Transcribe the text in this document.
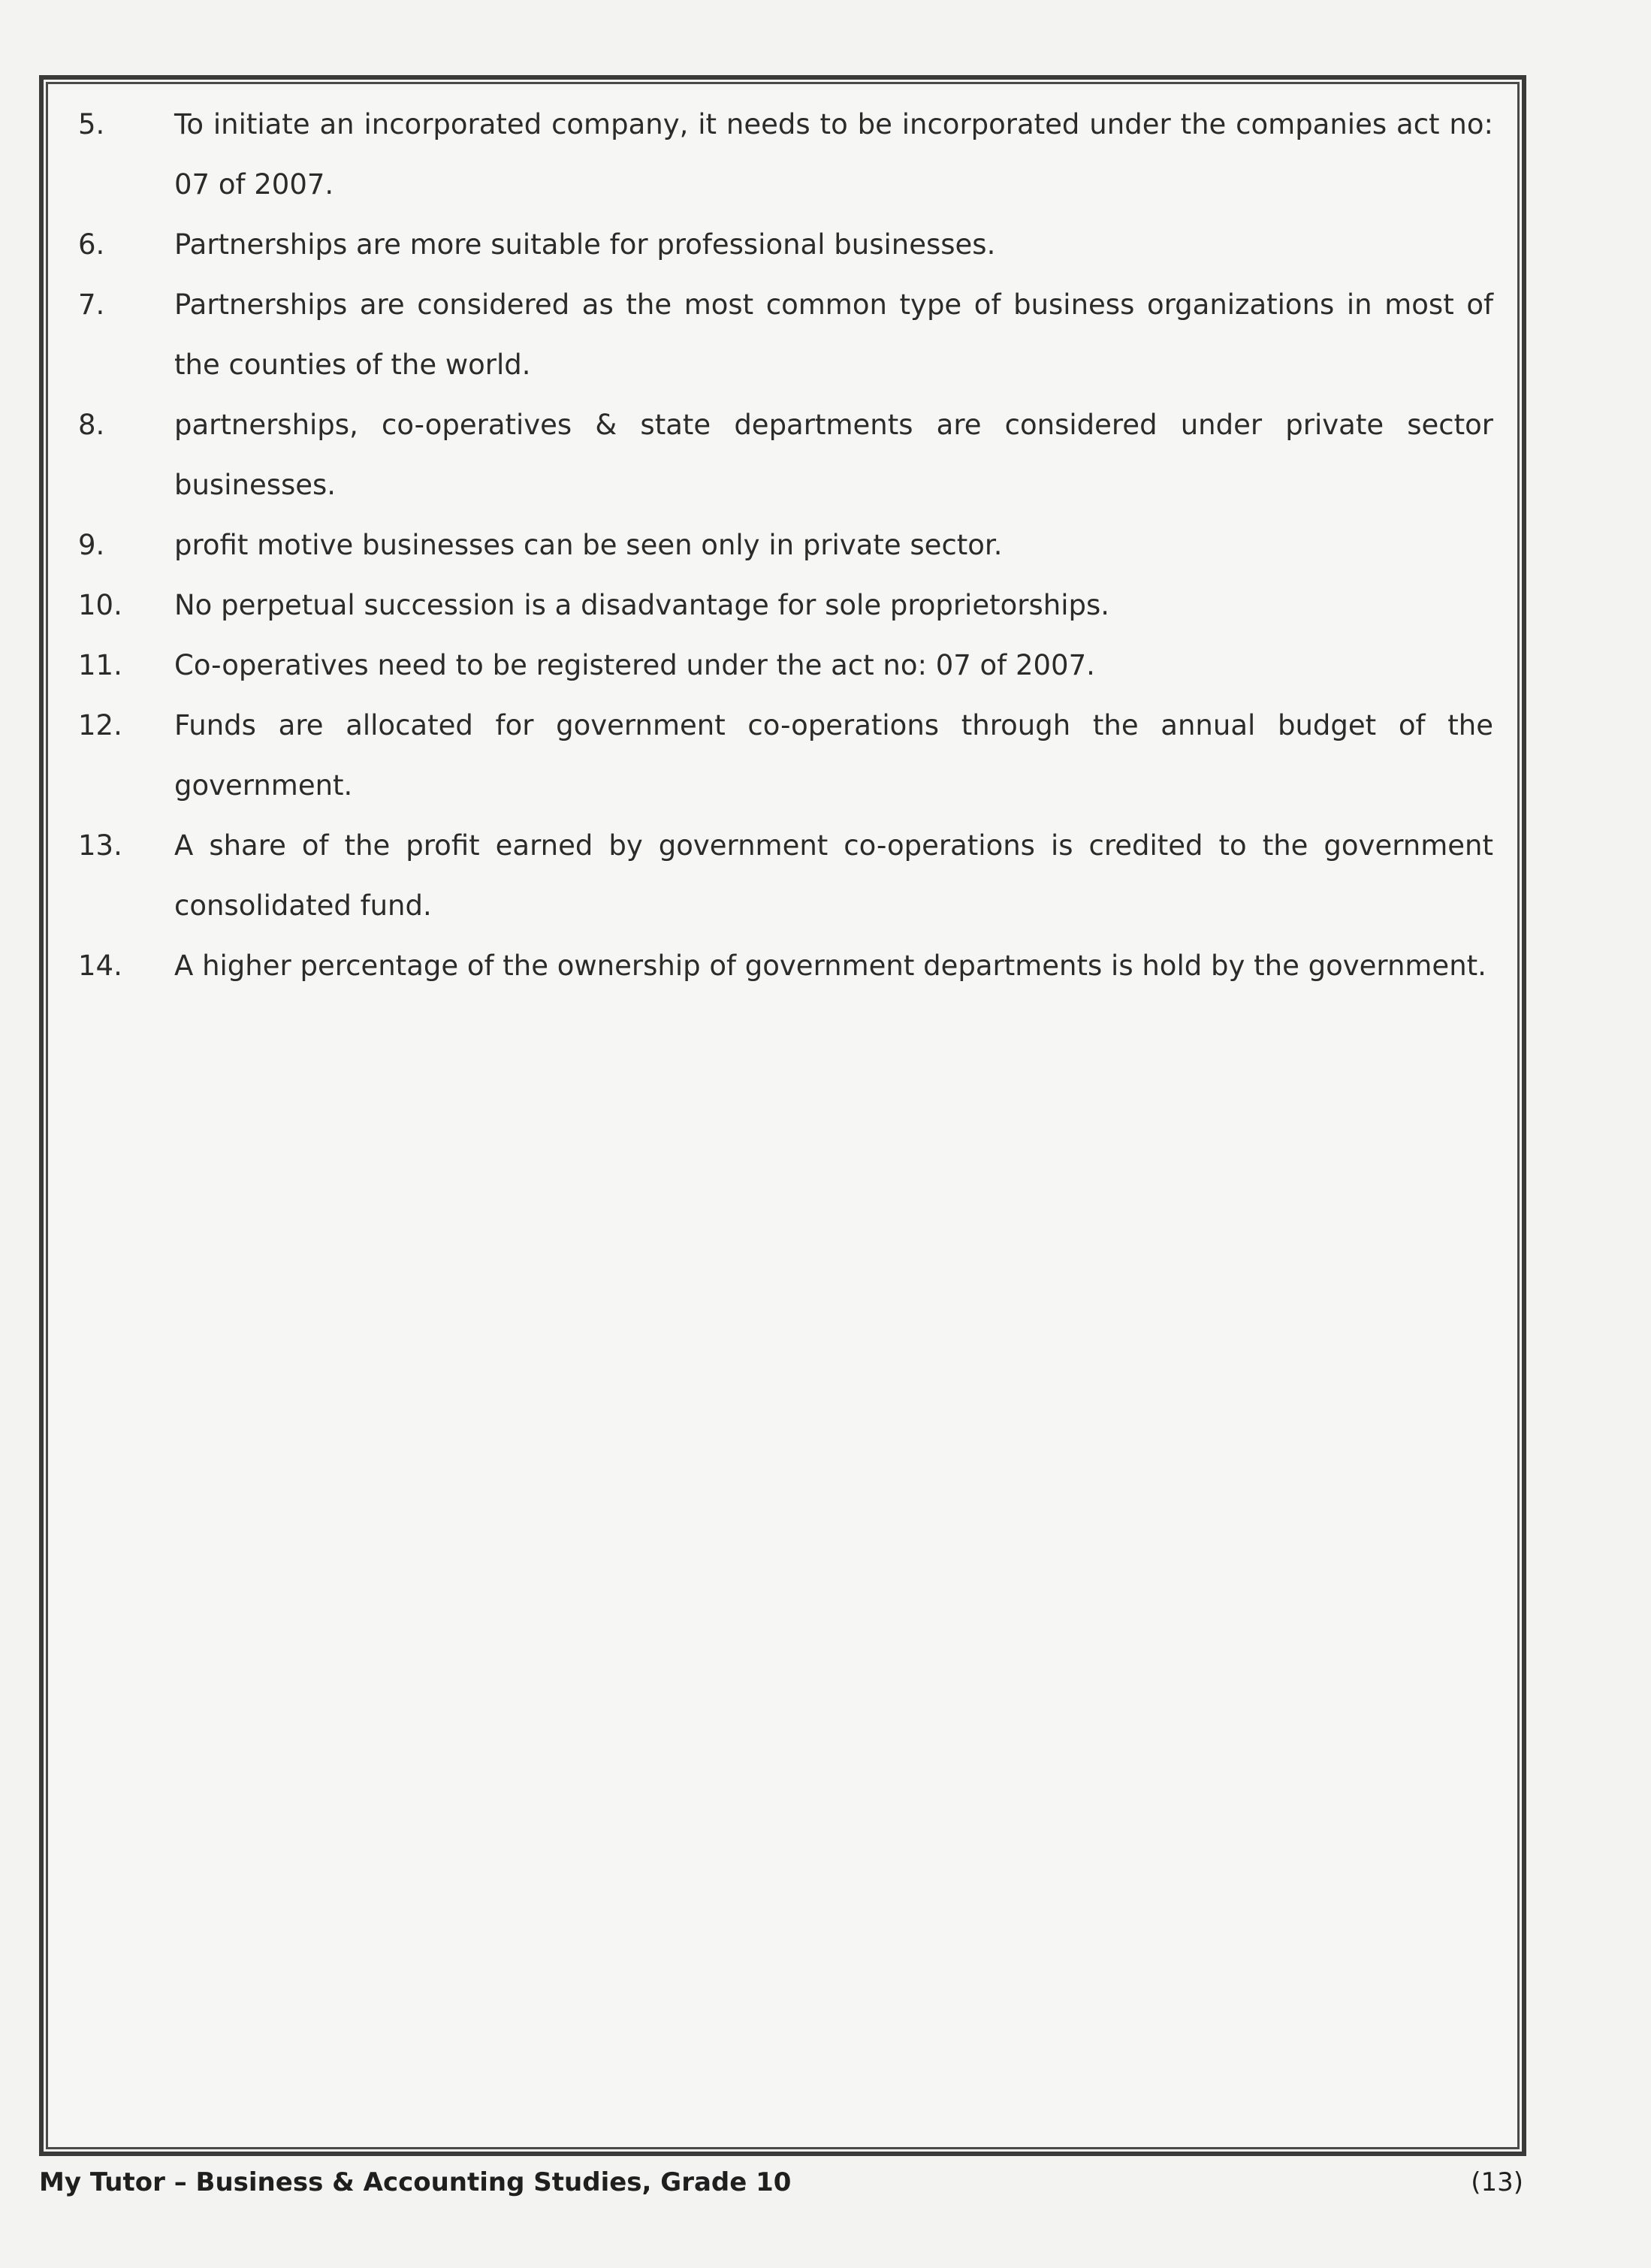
5.	To initiate an incorporated company, it needs to be incorporated under the companies act no: 07 of 2007.
6.	Partnerships are more suitable for professional businesses.
7.	Partnerships are considered as the most common type of business organizations in most of the counties of the world.
8.	partnerships, co-operatives & state departments are considered under private sector businesses.
9.	profit motive businesses can be seen only in private sector.
10.	No perpetual succession is a disadvantage for sole proprietorships.
11.	Co-operatives need to be registered under the act no: 07 of 2007.
12.	Funds are allocated for government co-operations through the annual budget of the government.
13.	A share of the profit earned by government co-operations is credited to the government consolidated fund.
14.	A higher percentage of the ownership of government departments is hold by the government.
My Tutor – Business & Accounting Studies, Grade 10	(13)
